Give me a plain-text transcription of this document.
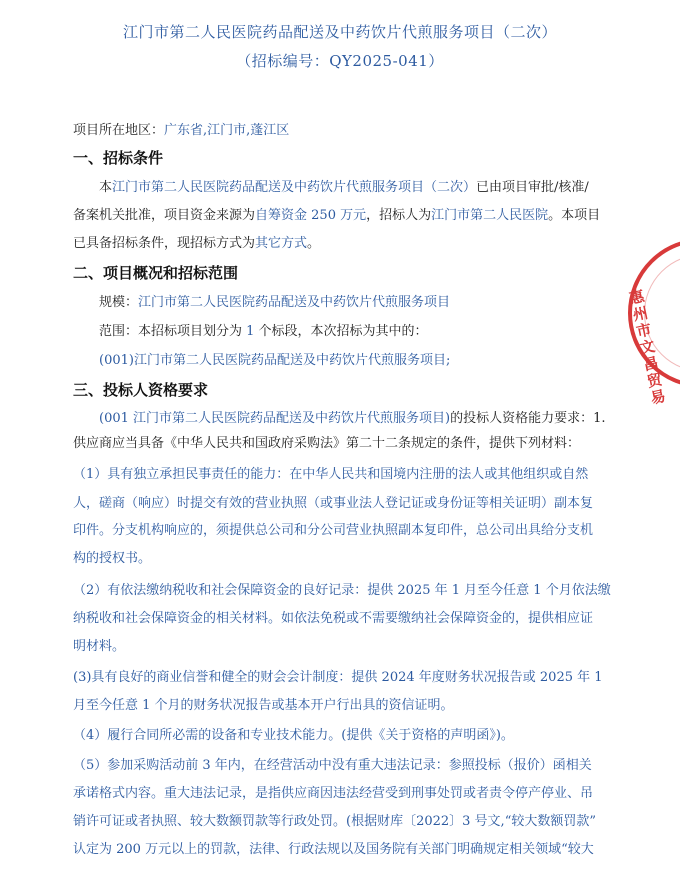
江门市第二人民医院药品配送及中药饮片代煎服务项目（二次）
（招标编号：QY2025-041）
项目所在地区：广东省,江门市,蓬江区
一、招标条件
本江门市第二人民医院药品配送及中药饮片代煎服务项目（二次）已由项目审批/核准/
备案机关批准，项目资金来源为自筹资金 250 万元，招标人为江门市第二人民医院。本项目
已具备招标条件，现招标方式为其它方式。
二、项目概况和招标范围
规模：江门市第二人民医院药品配送及中药饮片代煎服务项目
范围：本招标项目划分为 1 个标段，本次招标为其中的：
(001)江门市第二人民医院药品配送及中药饮片代煎服务项目;
三、投标人资格要求
(001 江门市第二人民医院药品配送及中药饮片代煎服务项目)的投标人资格能力要求：1.
供应商应当具备《中华人民共和国政府采购法》第二十二条规定的条件，提供下列材料：
（1）具有独立承担民事责任的能力：在中华人民共和国境内注册的法人或其他组织或自然
人，磋商（响应）时提交有效的营业执照（或事业法人登记证或身份证等相关证明）副本复
印件。分支机构响应的，须提供总公司和分公司营业执照副本复印件，总公司出具给分支机
构的授权书。
（2）有依法缴纳税收和社会保障资金的良好记录：提供 2025 年 1 月至今任意 1 个月依法缴
纳税收和社会保障资金的相关材料。如依法免税或不需要缴纳社会保障资金的，提供相应证
明材料。
(3)具有良好的商业信誉和健全的财会会计制度：提供 2024 年度财务状况报告或 2025 年 1
月至今任意 1 个月的财务状况报告或基本开户行出具的资信证明。
（4）履行合同所必需的设备和专业技术能力。(提供《关于资格的声明函》)。
（5）参加采购活动前 3 年内，在经营活动中没有重大违法记录：参照投标（报价）函相关
承诺格式内容。重大违法记录，是指供应商因违法经营受到刑事处罚或者责令停产停业、吊
销许可证或者执照、较大数额罚款等行政处罚。(根据财库〔2022〕3 号文,“较大数额罚款”
认定为 200 万元以上的罚款，法律、行政法规以及国务院有关部门明确规定相关领域“较大
惠州市文昌贸易
